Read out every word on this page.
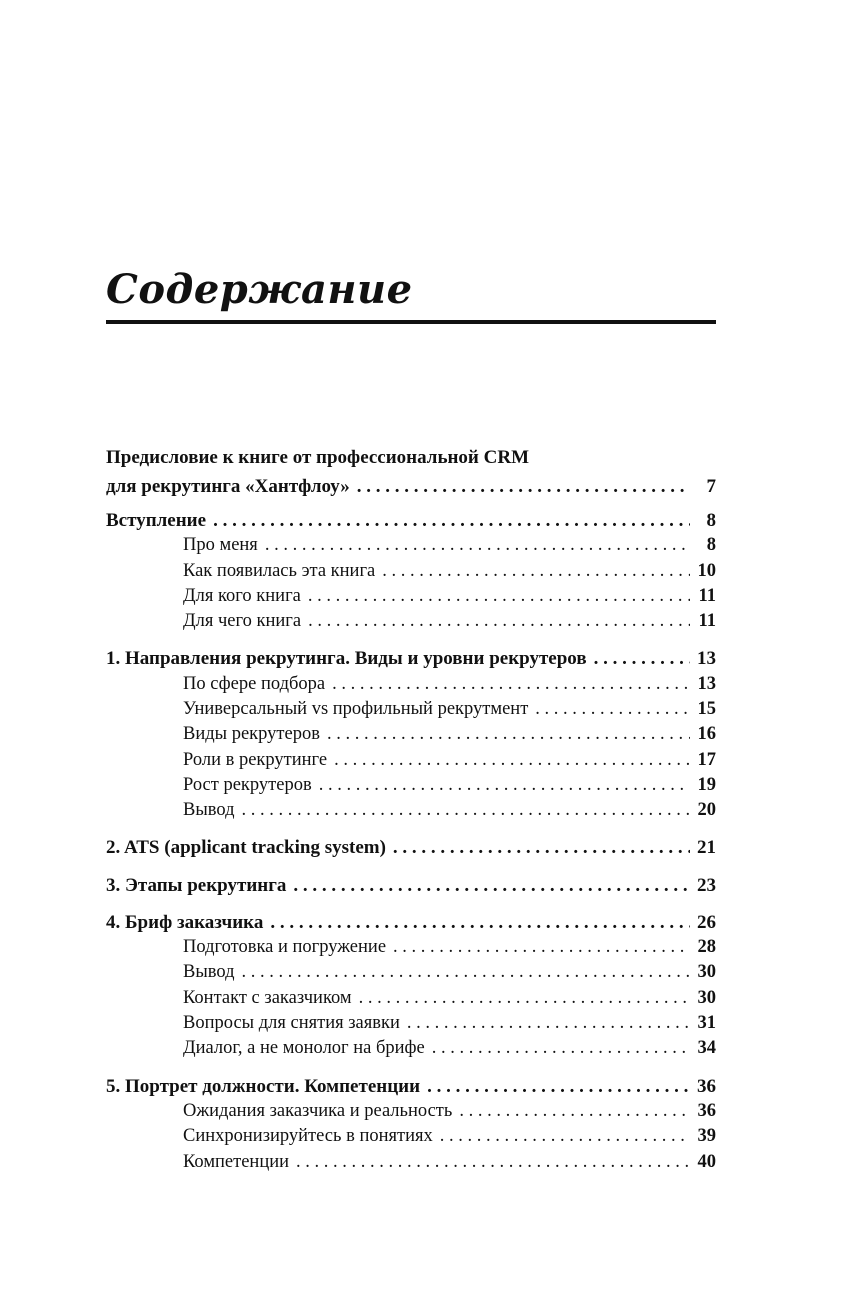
Содержание
Предисловие к книге от профессиональной CRM
для рекрутинга «Хантфлоу» . . .	7
Вступление . . .	8
Про меня . . .	8
Как появилась эта книга . . .	10
Для кого книга . . .	11
Для чего книга . . .	11
1. Направления рекрутинга. Виды и уровни рекрутеров . . .	13
По сфере подбора . . .	13
Универсальный vs профильный рекрутмент . . .	15
Виды рекрутеров . . .	16
Роли в рекрутинге . . .	17
Рост рекрутеров . . .	19
Вывод . . .	20
2. ATS (applicant tracking system) . . .	21
3. Этапы рекрутинга . . .	23
4. Бриф заказчика . . .	26
Подготовка и погружение . . .	28
Вывод . . .	30
Контакт с заказчиком . . .	30
Вопросы для снятия заявки . . .	31
Диалог, а не монолог на брифе . . .	34
5. Портрет должности. Компетенции . . .	36
Ожидания заказчика и реальность . . .	36
Синхронизируйтесь в понятиях . . .	39
Компетенции . . .	40
